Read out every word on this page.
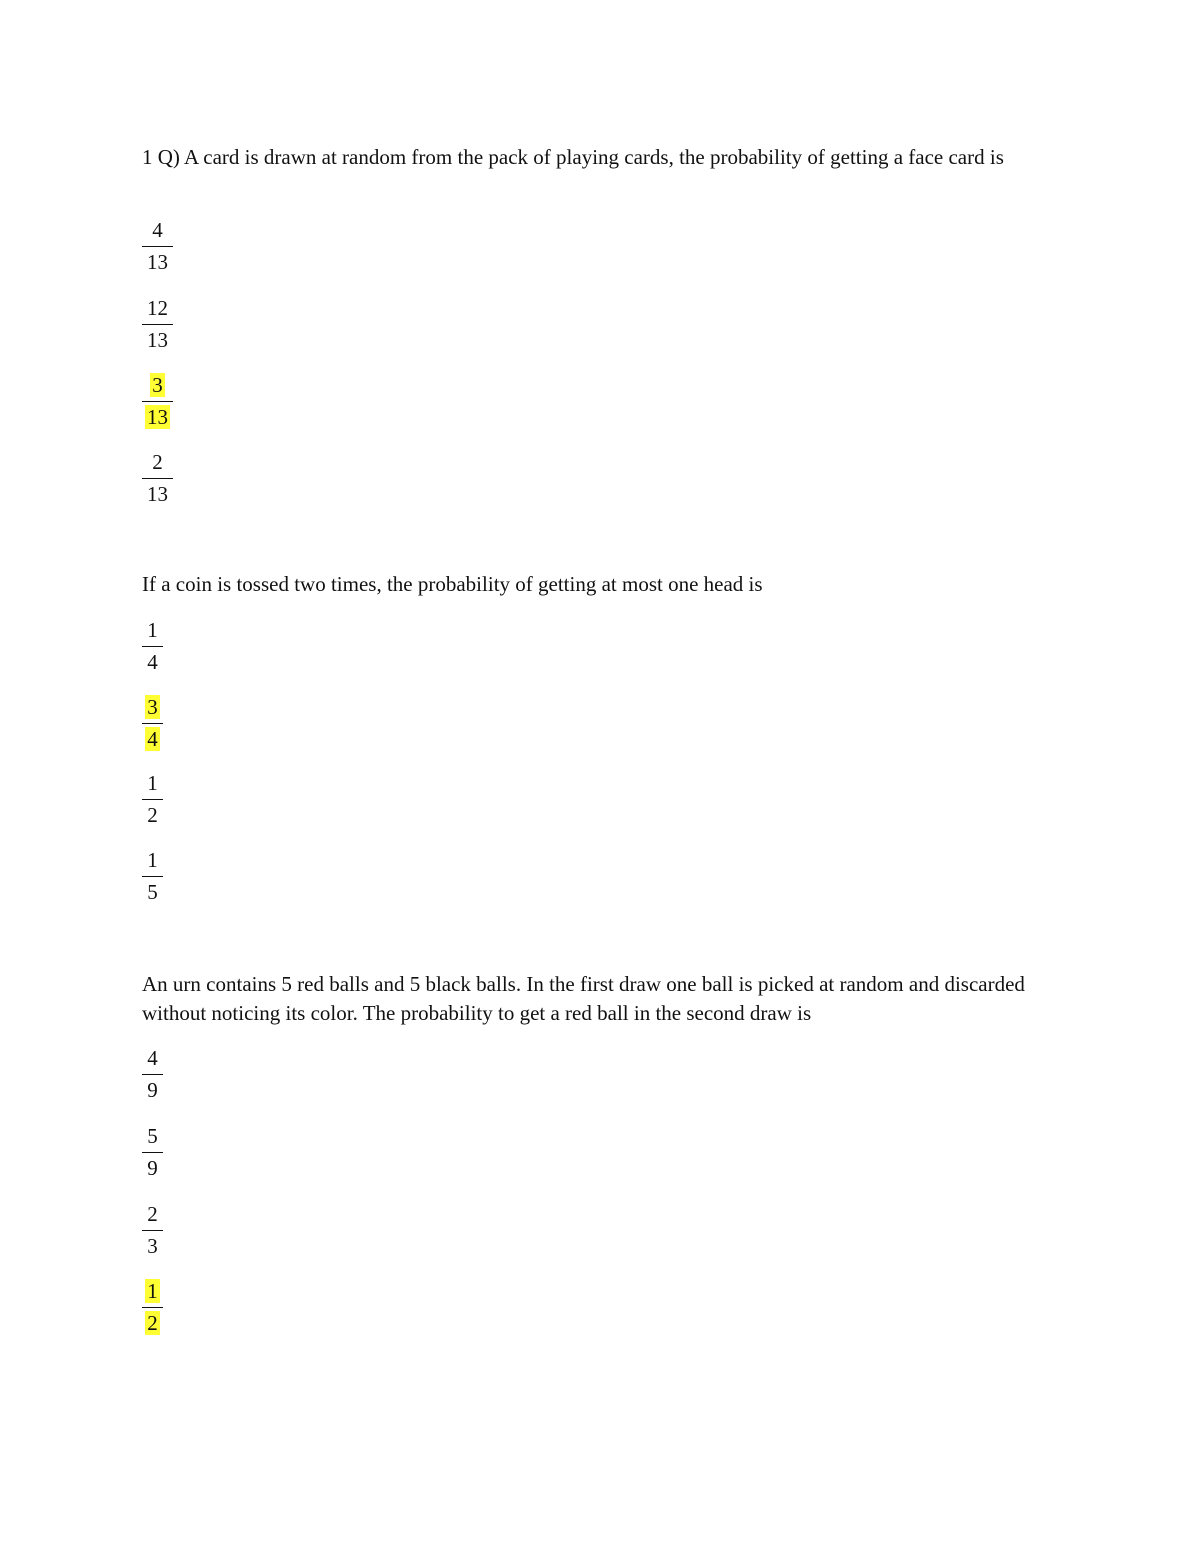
1 Q) A card is drawn at random from the pack of playing cards, the probability of getting a face card is

4
13
12
13
3
13
2
13

If a coin is tossed two times, the probability of getting at most one head is

1
4
3
4
1
2
1
5

An urn contains 5 red balls and 5 black balls. In the first draw one ball is picked at random and discarded without noticing its color. The probability to get a red ball in the second draw is

4
9
5
9
2
3
1
2
